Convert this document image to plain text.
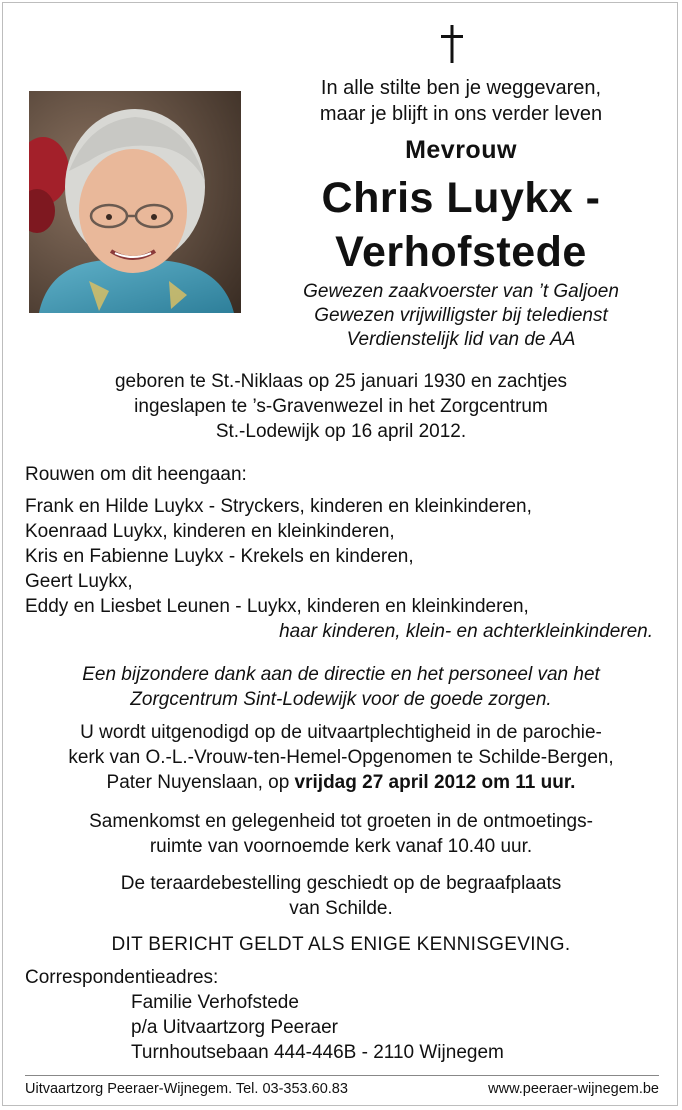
In alle stilte ben je weggevaren,
maar je blijft in ons verder leven
Mevrouw
Chris Luykx -
Verhofstede
Gewezen zaakvoerster van ’t Galjoen
Gewezen vrijwilligster bij teledienst
Verdienstelijk lid van de AA
geboren te St.-Niklaas op 25 januari 1930 en zachtjes
ingeslapen te ’s-Gravenwezel in het Zorgcentrum
St.-Lodewijk op 16 april 2012.
Rouwen om dit heengaan:
Frank en Hilde Luykx - Stryckers, kinderen en kleinkinderen,
Koenraad Luykx, kinderen en kleinkinderen,
Kris en Fabienne Luykx - Krekels en kinderen,
Geert Luykx,
Eddy en Liesbet Leunen - Luykx, kinderen en kleinkinderen,
haar kinderen, klein- en achterkleinkinderen.
Een bijzondere dank aan de directie en het personeel van het
Zorgcentrum Sint-Lodewijk voor de goede zorgen.
U wordt uitgenodigd op de uitvaartplechtigheid in de parochie-
kerk van O.-L.-Vrouw-ten-Hemel-Opgenomen te Schilde-Bergen,
Pater Nuyenslaan, op vrijdag 27 april 2012 om 11 uur.
Samenkomst en gelegenheid tot groeten in de ontmoetings-
ruimte van voornoemde kerk vanaf 10.40 uur.
De teraardebestelling geschiedt op de begraafplaats
van Schilde.
DIT BERICHT GELDT ALS ENIGE KENNISGEVING.
Correspondentieadres:
Familie Verhofstede
p/a Uitvaartzorg Peeraer
Turnhoutsebaan 444-446B - 2110 Wijnegem
Uitvaartzorg Peeraer-Wijnegem. Tel. 03-353.60.83	www.peeraer-wijnegem.be
